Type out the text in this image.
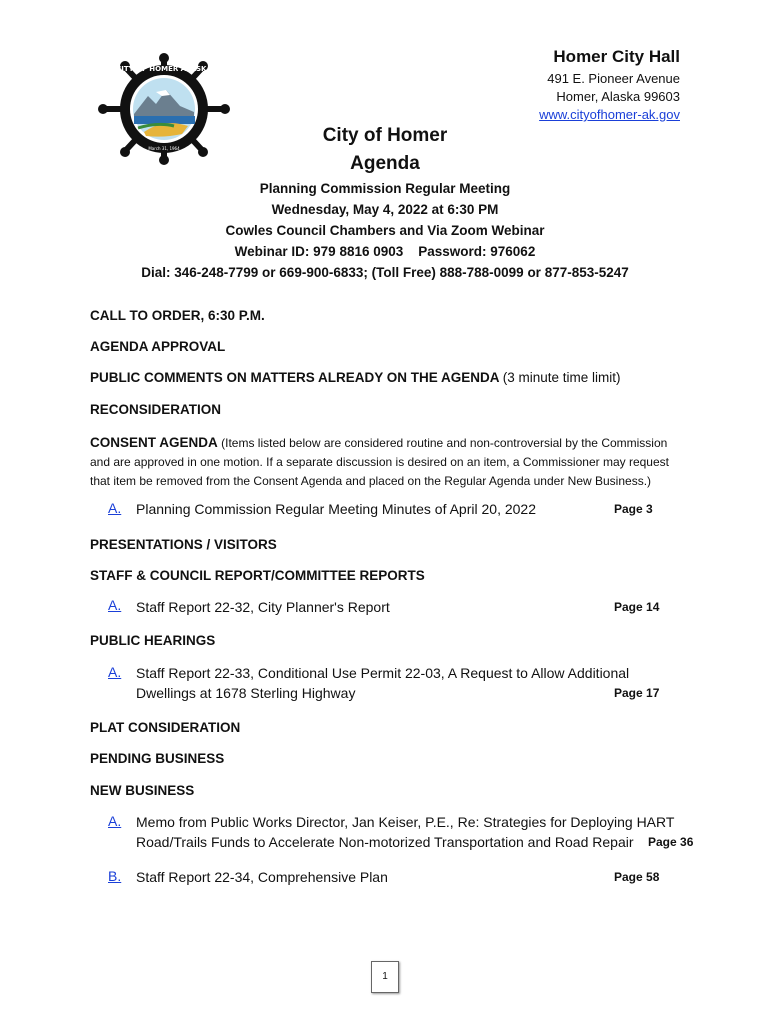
CITY OF HOMER ALASKA
March 31, 1964
Homer City Hall
491 E. Pioneer Avenue
Homer, Alaska 99603
www.cityofhomer-ak.gov
City of Homer
Agenda
Planning Commission Regular Meeting
Wednesday, May 4, 2022 at 6:30 PM
Cowles Council Chambers and Via Zoom Webinar
Webinar ID: 979 8816 0903    Password: 976062
Dial: 346-248-7799 or 669-900-6833; (Toll Free) 888-788-0099 or 877-853-5247
CALL TO ORDER, 6:30 P.M.
AGENDA APPROVAL
PUBLIC COMMENTS ON MATTERS ALREADY ON THE AGENDA (3 minute time limit)
RECONSIDERATION
CONSENT AGENDA (Items listed below are considered routine and non-controversial by the Commission and are approved in one motion. If a separate discussion is desired on an item, a Commissioner may request that item be removed from the Consent Agenda and placed on the Regular Agenda under New Business.)
A. Planning Commission Regular Meeting Minutes of April 20, 2022	Page 3
PRESENTATIONS / VISITORS
STAFF & COUNCIL REPORT/COMMITTEE REPORTS
A. Staff Report 22-32, City Planner's Report	Page 14
PUBLIC HEARINGS
A. Staff Report 22-33, Conditional Use Permit 22-03, A Request to Allow Additional
Dwellings at 1678 Sterling Highway	Page 17
PLAT CONSIDERATION
PENDING BUSINESS
NEW BUSINESS
A. Memo from Public Works Director, Jan Keiser, P.E., Re: Strategies for Deploying HART
Road/Trails Funds to Accelerate Non-motorized Transportation and Road Repair Page 36
B. Staff Report 22-34, Comprehensive Plan	Page 58
1
